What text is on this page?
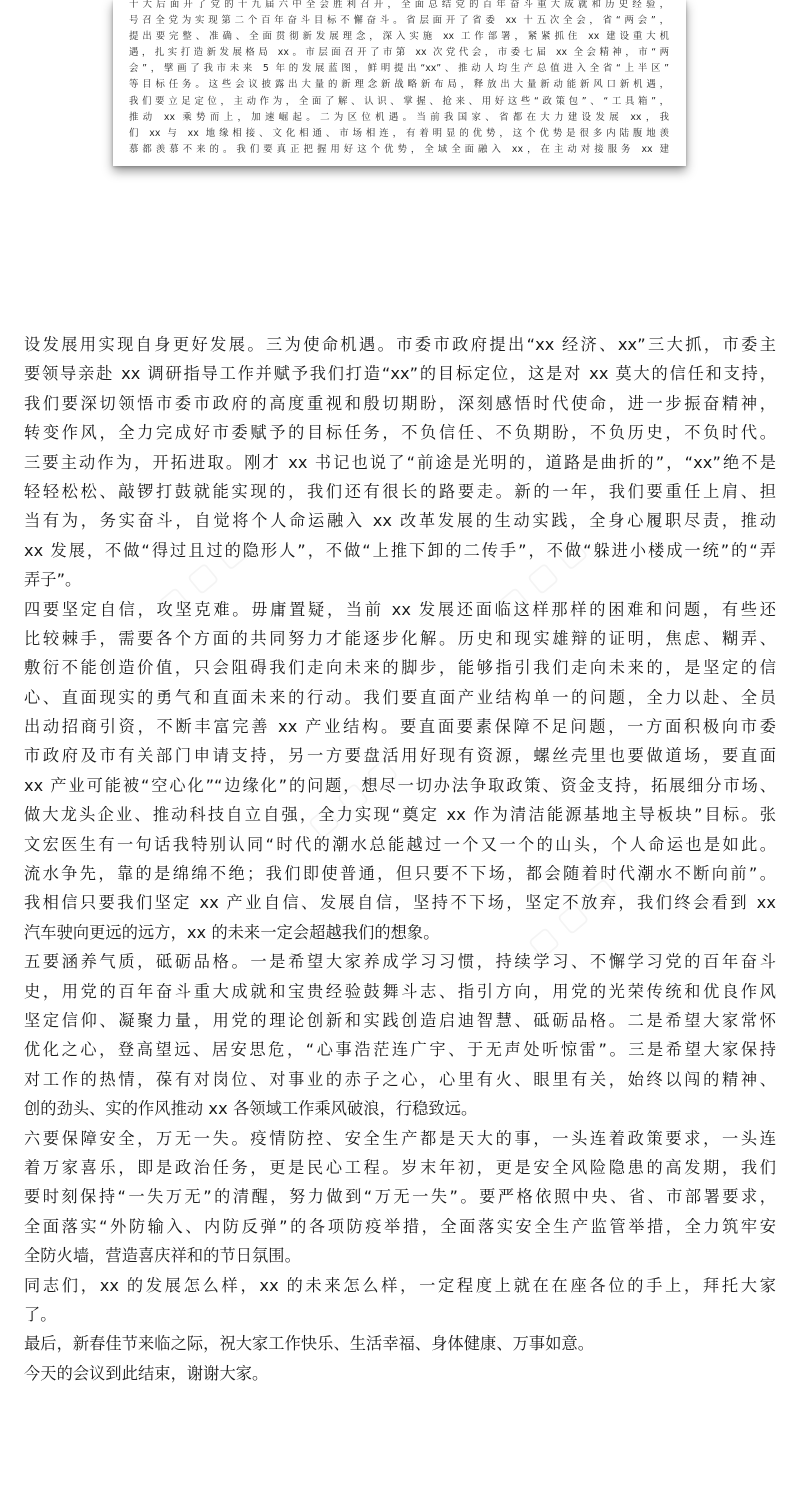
十大后面开了党的十九届六中全会胜利召开，全面总结党的百年奋斗重大成就和历史经验，
号召全党为实现第二个百年奋斗目标不懈奋斗。省层面开了省委 xx 十五次全会，省“两会”，
提出要完整、准确、全面贯彻新发展理念，深入实施 xx 工作部署，紧紧抓住 xx 建设重大机
遇，扎实打造新发展格局 xx。市层面召开了市第 xx 次党代会，市委七届 xx 全会精神，市“两
会”，擘画了我市未来 5 年的发展蓝图，鲜明提出“xx”、推动人均生产总值进入全省“上半区”
等目标任务。这些会议披露出大量的新理念新战略新布局，释放出大量新动能新风口新机遇，
我们要立足定位，主动作为，全面了解、认识、掌握、抢来、用好这些“政策包”、“工具箱”，
推动 xx 乘势而上，加速崛起。二为区位机遇。当前我国家、省都在大力建设发展 xx，我
们 xx 与 xx 地缘相接、文化相通、市场相连，有着明显的优势，这个优势是很多内陆腹地羡
慕都羡慕不来的。我们要真正把握用好这个优势，全域全面融入 xx，在主动对接服务 xx 建
▢ ▢ ▢	▢ ▢ ▢
▢ ▢ ▢
▢ ▢ ▢
设发展用实现自身更好发展。三为使命机遇。市委市政府提出“xx 经济、xx”三大抓，市委主
要领导亲赴 xx 调研指导工作并赋予我们打造“xx”的目标定位，这是对 xx 莫大的信任和支持，
我们要深切领悟市委市政府的高度重视和殷切期盼，深刻感悟时代使命，进一步振奋精神，
转变作风，全力完成好市委赋予的目标任务，不负信任、不负期盼，不负历史，不负时代。
三要主动作为，开拓进取。刚才 xx 书记也说了“前途是光明的，道路是曲折的”，“xx”绝不是
轻轻松松、敲锣打鼓就能实现的，我们还有很长的路要走。新的一年，我们要重任上肩、担
当有为，务实奋斗，自觉将个人命运融入 xx 改革发展的生动实践，全身心履职尽责，推动
xx 发展，不做“得过且过的隐形人”，不做“上推下卸的二传手”，不做“躲进小楼成一统”的“弄
弄子”。
四要坚定自信，攻坚克难。毋庸置疑，当前 xx 发展还面临这样那样的困难和问题，有些还
比较棘手，需要各个方面的共同努力才能逐步化解。历史和现实雄辩的证明，焦虑、糊弄、
敷衍不能创造价值，只会阻碍我们走向未来的脚步，能够指引我们走向未来的，是坚定的信
心、直面现实的勇气和直面未来的行动。我们要直面产业结构单一的问题，全力以赴、全员
出动招商引资，不断丰富完善 xx 产业结构。要直面要素保障不足问题，一方面积极向市委
市政府及市有关部门申请支持，另一方要盘活用好现有资源，螺丝壳里也要做道场，要直面
xx 产业可能被“空心化”“边缘化”的问题，想尽一切办法争取政策、资金支持，拓展细分市场、
做大龙头企业、推动科技自立自强，全力实现“奠定 xx 作为清洁能源基地主导板块”目标。张
文宏医生有一句话我特别认同“时代的潮水总能越过一个又一个的山头，个人命运也是如此。
流水争先，靠的是绵绵不绝；我们即使普通，但只要不下场，都会随着时代潮水不断向前”。
我相信只要我们坚定 xx 产业自信、发展自信，坚持不下场，坚定不放弃，我们终会看到 xx
汽车驶向更远的远方，xx 的未来一定会超越我们的想象。
五要涵养气质，砥砺品格。一是希望大家养成学习习惯，持续学习、不懈学习党的百年奋斗
史，用党的百年奋斗重大成就和宝贵经验鼓舞斗志、指引方向，用党的光荣传统和优良作风
坚定信仰、凝聚力量，用党的理论创新和实践创造启迪智慧、砥砺品格。二是希望大家常怀
优化之心，登高望远、居安思危，“心事浩茫连广宇、于无声处听惊雷”。三是希望大家保持
对工作的热情，葆有对岗位、对事业的赤子之心，心里有火、眼里有关，始终以闯的精神、
创的劲头、实的作风推动 xx 各领域工作乘风破浪，行稳致远。
六要保障安全，万无一失。疫情防控、安全生产都是天大的事，一头连着政策要求，一头连
着万家喜乐，即是政治任务，更是民心工程。岁末年初，更是安全风险隐患的高发期，我们
要时刻保持“一失万无”的清醒，努力做到“万无一失”。要严格依照中央、省、市部署要求，
全面落实“外防输入、内防反弹”的各项防疫举措，全面落实安全生产监管举措，全力筑牢安
全防火墙，营造喜庆祥和的节日氛围。
同志们，xx 的发展怎么样，xx 的未来怎么样，一定程度上就在在座各位的手上，拜托大家
了。
最后，新春佳节来临之际，祝大家工作快乐、生活幸福、身体健康、万事如意。
今天的会议到此结束，谢谢大家。
